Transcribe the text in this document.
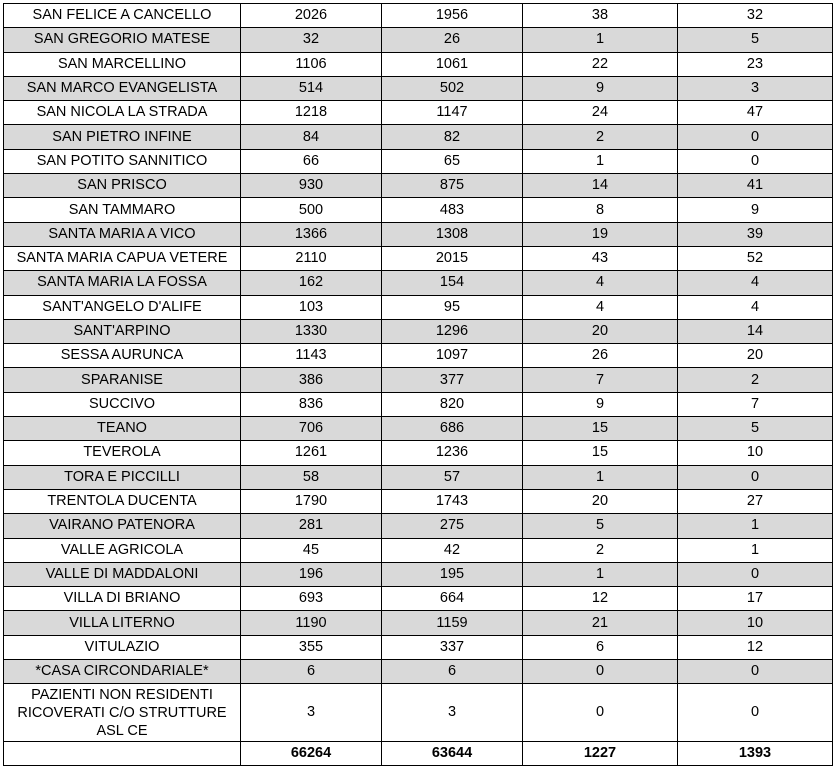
SAN FELICE A CANCELLO	2026	1956	38	32
SAN GREGORIO MATESE	32	26	1	5
SAN MARCELLINO	1106	1061	22	23
SAN MARCO EVANGELISTA	514	502	9	3
SAN NICOLA LA STRADA	1218	1147	24	47
SAN PIETRO INFINE	84	82	2	0
SAN POTITO SANNITICO	66	65	1	0
SAN PRISCO	930	875	14	41
SAN TAMMARO	500	483	8	9
SANTA MARIA A VICO	1366	1308	19	39
SANTA MARIA CAPUA VETERE	2110	2015	43	52
SANTA MARIA LA FOSSA	162	154	4	4
SANT'ANGELO D'ALIFE	103	95	4	4
SANT'ARPINO	1330	1296	20	14
SESSA AURUNCA	1143	1097	26	20
SPARANISE	386	377	7	2
SUCCIVO	836	820	9	7
TEANO	706	686	15	5
TEVEROLA	1261	1236	15	10
TORA E PICCILLI	58	57	1	0
TRENTOLA DUCENTA	1790	1743	20	27
VAIRANO PATENORA	281	275	5	1
VALLE AGRICOLA	45	42	2	1
VALLE DI MADDALONI	196	195	1	0
VILLA DI BRIANO	693	664	12	17
VILLA LITERNO	1190	1159	21	10
VITULAZIO	355	337	6	12
*CASA CIRCONDARIALE*	6	6	0	0
PAZIENTI NON RESIDENTI RICOVERATI C/O STRUTTURE ASL CE	3	3	0	0
	66264	63644	1227	1393
